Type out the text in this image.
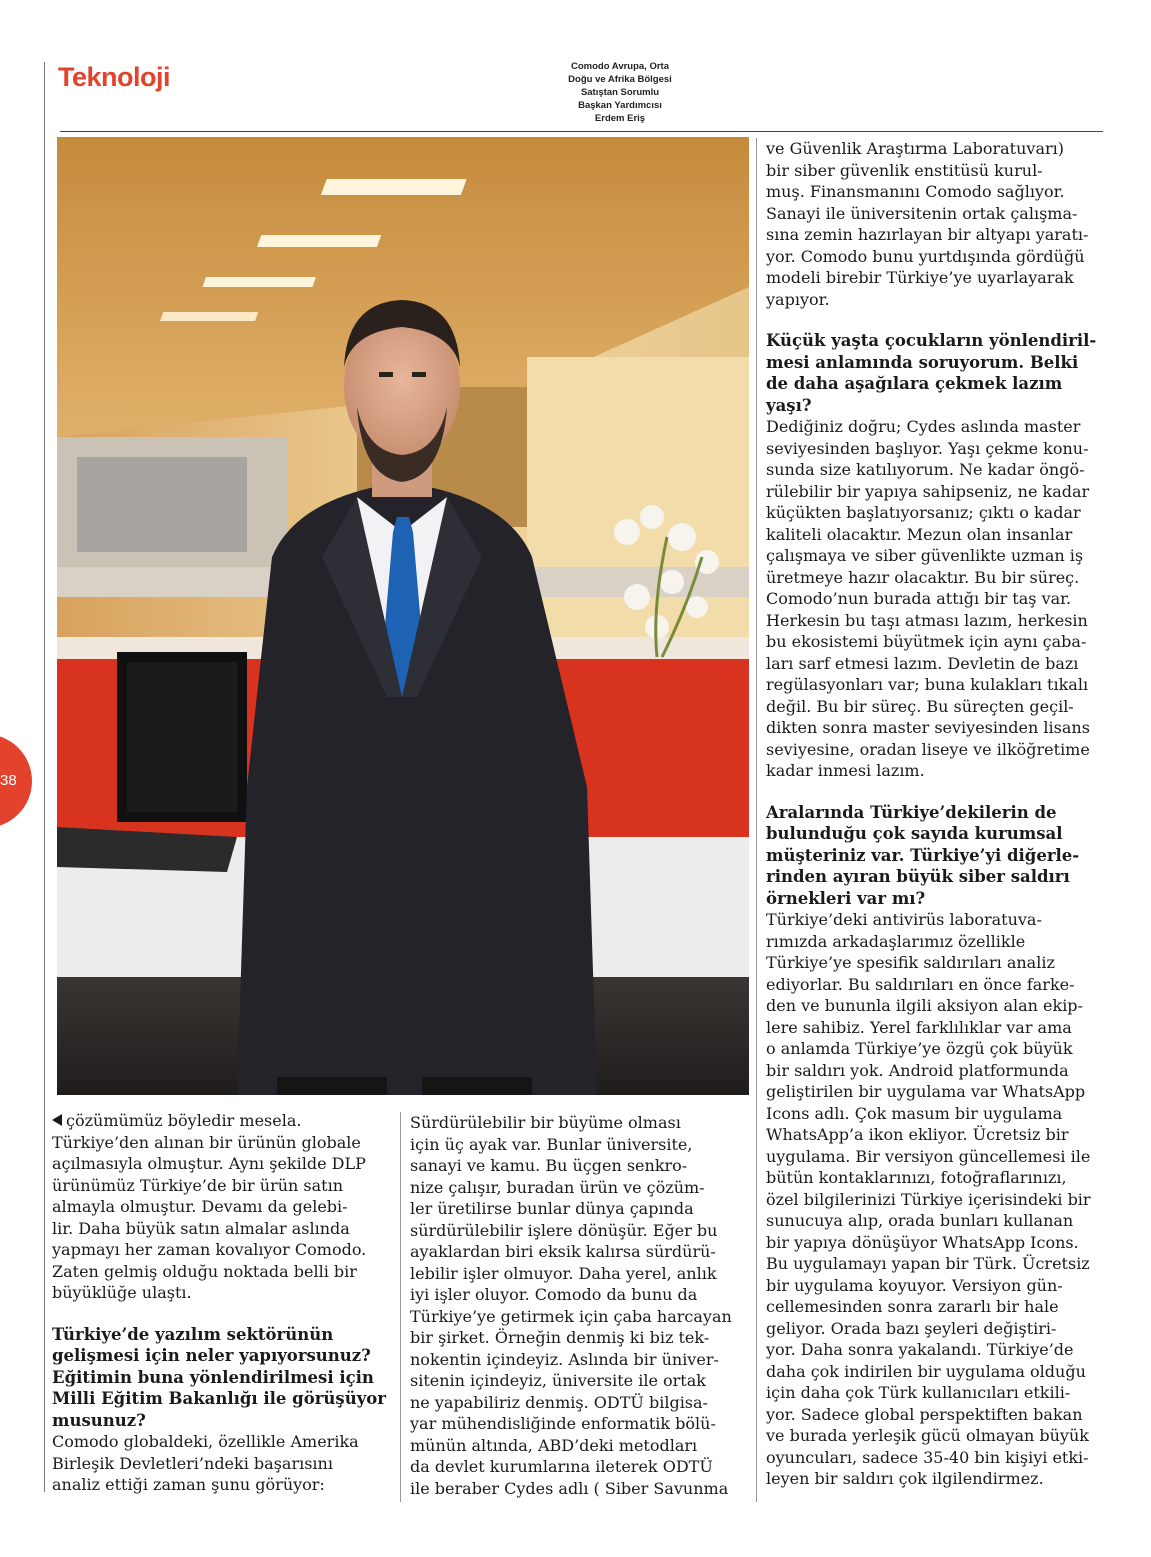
Teknoloji	Comodo Avrupa, Orta
Doğu ve Afrika Bölgesi
Satıştan Sorumlu
Başkan Yardımcısı
Erdem Eriş
38

çözümümüz böyledir mesela.
Türkiye’den alınan bir ürünün globale
açılmasıyla olmuştur. Aynı şekilde DLP
ürünümüz Türkiye’de bir ürün satın
almayla olmuştur. Devamı da gelebi-
lir. Daha büyük satın almalar aslında
yapmayı her zaman kovalıyor Comodo.
Zaten gelmiş olduğu noktada belli bir
büyüklüğe ulaştı.

Türkiye’de yazılım sektörünün
gelişmesi için neler yapıyorsunuz?
Eğitimin buna yönlendirilmesi için
Milli Eğitim Bakanlığı ile görüşüyor
musunuz?

Comodo globaldeki, özellikle Amerika
Birleşik Devletleri’ndeki başarısını
analiz ettiği zaman şunu görüyor:

Sürdürülebilir bir büyüme olması
için üç ayak var. Bunlar üniversite,
sanayi ve kamu. Bu üçgen senkro-
nize çalışır, buradan ürün ve çözüm-
ler üretilirse bunlar dünya çapında
sürdürülebilir işlere dönüşür. Eğer bu
ayaklardan biri eksik kalırsa sürdürü-
lebilir işler olmuyor. Daha yerel, anlık
iyi işler oluyor. Comodo da bunu da
Türkiye’ye getirmek için çaba harcayan
bir şirket. Örneğin denmiş ki biz tek-
nokentin içindeyiz. Aslında bir üniver-
sitenin içindeyiz, üniversite ile ortak
ne yapabiliriz denmiş. ODTÜ bilgisa-
yar mühendisliğinde enformatik bölü-
münün altında, ABD’deki metodları
da devlet kurumlarına ileterek ODTÜ
ile beraber Cydes adlı ( Siber Savunma

ve Güvenlik Araştırma Laboratuvarı)
bir siber güvenlik enstitüsü kurul-
muş. Finansmanını Comodo sağlıyor.
Sanayi ile üniversitenin ortak çalışma-
sına zemin hazırlayan bir altyapı yaratı-
yor. Comodo bunu yurtdışında gördüğü
modeli birebir Türkiye’ye uyarlayarak
yapıyor.

Küçük yaşta çocukların yönlendiril-
mesi anlamında soruyorum. Belki
de daha aşağılara çekmek lazım
yaşı?

Dediğiniz doğru; Cydes aslında master
seviyesinden başlıyor. Yaşı çekme konu-
sunda size katılıyorum. Ne kadar öngö-
rülebilir bir yapıya sahipseniz, ne kadar
küçükten başlatıyorsanız; çıktı o kadar
kaliteli olacaktır. Mezun olan insanlar
çalışmaya ve siber güvenlikte uzman iş
üretmeye hazır olacaktır. Bu bir süreç.
Comodo’nun burada attığı bir taş var.
Herkesin bu taşı atması lazım, herkesin
bu ekosistemi büyütmek için aynı çaba-
ları sarf etmesi lazım. Devletin de bazı
regülasyonları var; buna kulakları tıkalı
değil. Bu bir süreç. Bu süreçten geçil-
dikten sonra master seviyesinden lisans
seviyesine, oradan liseye ve ilköğretime
kadar inmesi lazım.

Aralarında Türkiye’dekilerin de
bulunduğu çok sayıda kurumsal
müşteriniz var. Türkiye’yi diğerle-
rinden ayıran büyük siber saldırı
örnekleri var mı?

Türkiye’deki antivirüs laboratuva-
rımızda arkadaşlarımız özellikle
Türkiye’ye spesifik saldırıları analiz
ediyorlar. Bu saldırıları en önce farke-
den ve bununla ilgili aksiyon alan ekip-
lere sahibiz. Yerel farklılıklar var ama
o anlamda Türkiye’ye özgü çok büyük
bir saldırı yok. Android platformunda
geliştirilen bir uygulama var WhatsApp
Icons adlı. Çok masum bir uygulama
WhatsApp’a ikon ekliyor. Ücretsiz bir
uygulama. Bir versiyon güncellemesi ile
bütün kontaklarınızı, fotoğraflarınızı,
özel bilgilerinizi Türkiye içerisindeki bir
sunucuya alıp, orada bunları kullanan
bir yapıya dönüşüyor WhatsApp Icons.
Bu uygulamayı yapan bir Türk. Ücretsiz
bir uygulama koyuyor. Versiyon gün-
cellemesinden sonra zararlı bir hale
geliyor. Orada bazı şeyleri değiştiri-
yor. Daha sonra yakalandı. Türkiye’de
daha çok indirilen bir uygulama olduğu
için daha çok Türk kullanıcıları etkili-
yor. Sadece global perspektiften bakan
ve burada yerleşik gücü olmayan büyük
oyuncuları, sadece 35-40 bin kişiyi etki-
leyen bir saldırı çok ilgilendirmez.
